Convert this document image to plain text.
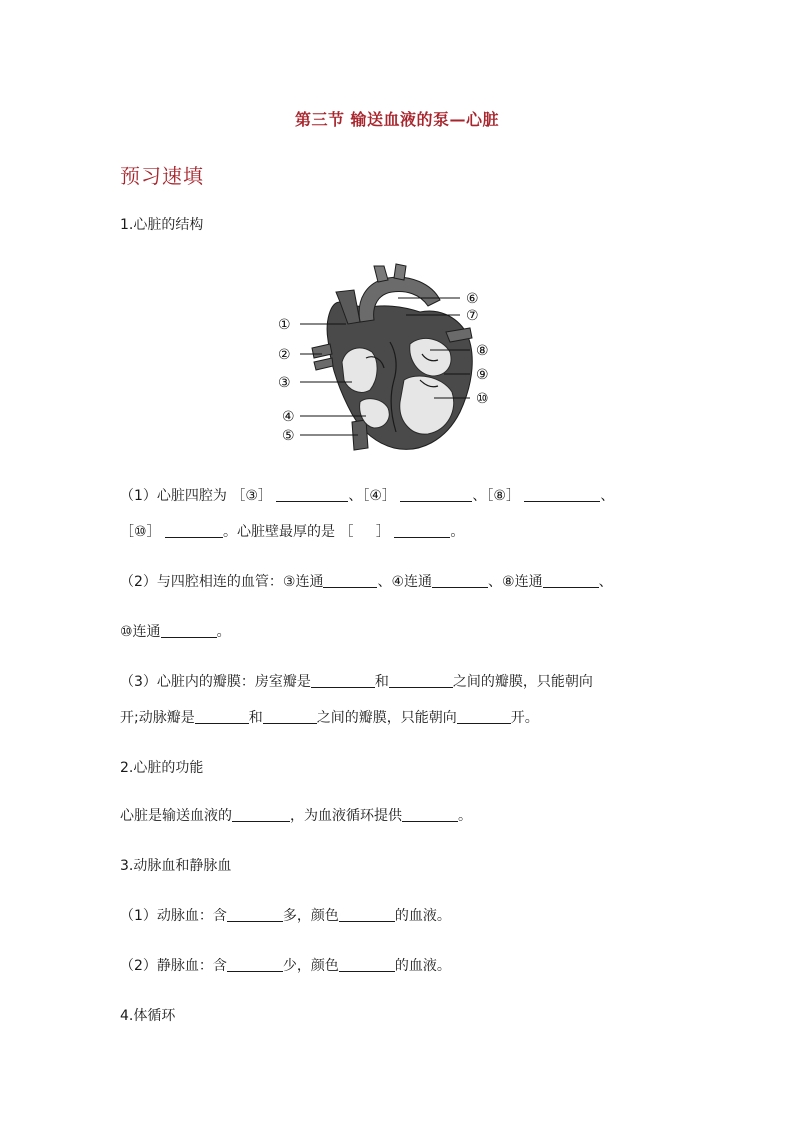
第三节 输送血液的泵—心脏
预习速填
1.心脏的结构
①
②
③
④
⑤
⑥
⑦
⑧
⑨
⑩
（1）心脏四腔为 ［③］	、［④］	、［⑧］	、
［⑩］	。心脏壁最厚的是 ［ ］	。
（2）与四腔相连的血管：③连通	、④连通	、⑧连通	、
⑩连通	。
（3）心脏内的瓣膜：房室瓣是	和	之间的瓣膜，只能朝向
开;动脉瓣是	和	之间的瓣膜，只能朝向	开。
2.心脏的功能
心脏是输送血液的	，为血液循环提供	。
3.动脉血和静脉血
（1）动脉血：含	多，颜色	的血液。
（2）静脉血：含	少，颜色	的血液。
4.体循环
